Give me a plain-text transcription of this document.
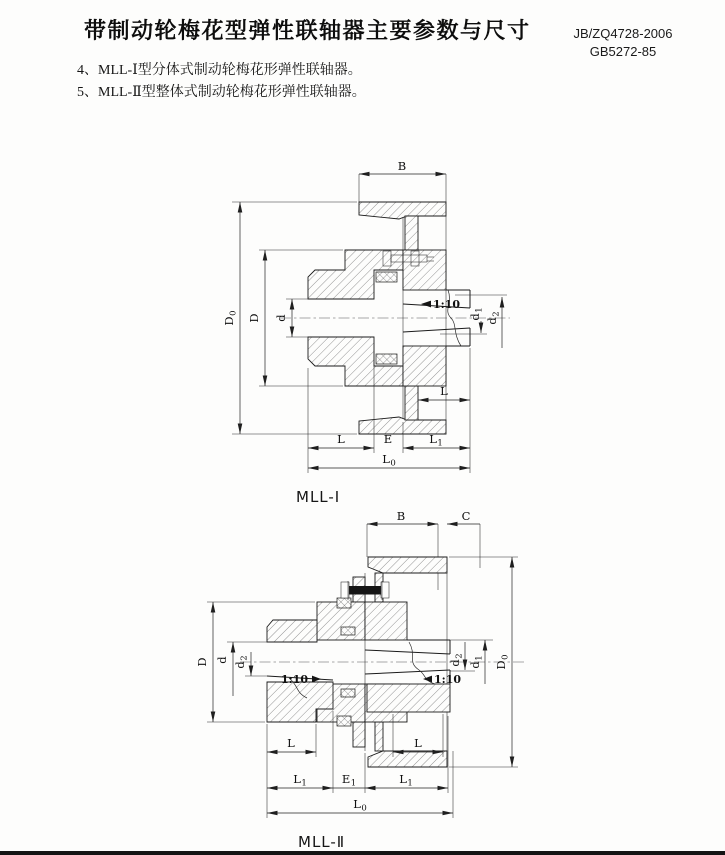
带制动轮梅花型弹性联轴器主要参数与尺寸	JB/ZQ4728-2006
GB5272-85
4、MLL-Ⅰ型分体式制动轮梅花形弹性联轴器。
5、MLL-Ⅱ型整体式制动轮梅花形弹性联轴器。
B
$D_0$
D d
1:10
$d_1$
$d_2$
L
L	E	$L_1$
$L_0$
MLL-Ⅰ
B	C
D d
$d_2$
1:10	1:10
$d_2$
$d_1$
$D_0$
L	L
$L_1$	$E_1$	$L_1$
$L_0$
MLL-Ⅱ
